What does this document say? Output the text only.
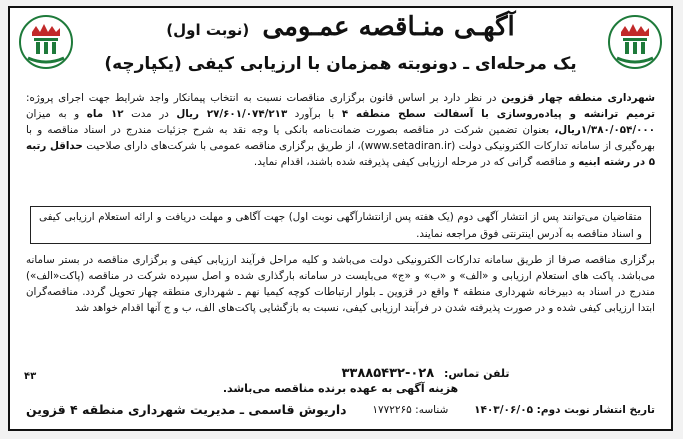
آگهـی منـاقصه عمـومی (نوبت اول)
یک مرحله‌ای ـ دونوبته همزمان با ارزیابی کیفی (یکپارچه)
شهرداری منطقه چهار قزوین در نظر دارد بر اساس قانون برگزاری مناقصات نسبت به انتخاب پیمانکار واجد شرایط جهت اجرای پروژه: ترمیم ترانشه و پیاده‌روسازی با آسفالت سطح منطقه ۴ با برآورد ۲۷/۶۰۱/۰۷۴/۲۱۳ ریال در مدت ۱۲ ماه و به میزان ۱/۳۸۰/۰۵۴/۰۰۰ریال، بعنوان تضمین شرکت در مناقصه بصورت ضمانت‌نامه بانکی یا وجه نقد به شرح جزئیات مندرج در اسناد مناقصه و با بهره‌گیری از سامانه تدارکات الکترونیکی دولت (www.setadiran.ir)، از طریق برگزاری مناقصه عمومی با شرکت‌های دارای صلاحیت حداقل رتبه ۵ در رشته ابنیه و مناقصه گرانی که در مرحله ارزیابی کیفی پذیرفته شده باشند، اقدام نماید.
متقاضیان می‌توانند پس از انتشار آگهی دوم (یک هفته پس ازانتشارآگهی نوبت اول) جهت آگاهی و مهلت دریافت و ارائه استعلام ارزیابی کیفی و اسناد مناقصه به آدرس اینترنتی فوق مراجعه نمایند.
برگزاری مناقصه صرفا از طریق سامانه تدارکات الکترونیکی دولت می‌باشد و کلیه مراحل فرآیند ارزیابی کیفی و برگزاری مناقصه در بستر سامانه می‌باشد. پاکت های استعلام ارزیابی و «الف» و «ب» و «ج» می‌بایست در سامانه بارگذاری شده و اصل سپرده شرکت در مناقصه (پاکت«الف») مندرج در اسناد به دبیرخانه شهرداری منطقه ۴ واقع در قزوین ـ بلوار ارتباطات کوچه کیمیا نهم ـ شهرداری منطقه چهار تحویل گردد. مناقصه‌گران ابتدا ارزیابی کیفی شده و در صورت پذیرفته شدن در فرآیند ارزیابی کیفی، نسبت به بازگشایی پاکت‌های الف، ب و ج آنها اقدام خواهد شد
تلفن تماس: ۰۲۸-۳۳۸۸۵۴۳۲
هزینه آگهی به عهده برنده مناقصه می‌باشد.
۴۳
تاریخ انتشار نوبت دوم: ۱۴۰۳/۰۶/۰۵
شناسه: ۱۷۷۲۲۶۵
داریوش قاسمی ـ مدیریت شهرداری منطقه ۴ قزوین
